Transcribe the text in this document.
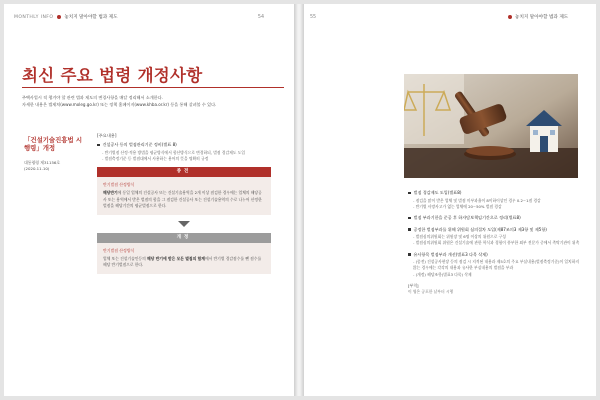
MONTHLY INFO 놓치지 말아야할 법과 제도	54
최신 주요 법령 개정사항
주택사업시 적 챙겨야 할 관련 법과 제도의 변경사항을 매달 정리해서 소개한다.
자세한 내용은 법제처(www.moleg.go.kr) 또는 정책 홈페이지(www.khba.or.kr) 등을 통해 살펴볼 수 있다.
「건설기술진흥법 시행령」개정
대통령령 제31156호
(2020.11.10)
[주요내용]
건설공사 등의 벌점관리기준 정비(별표 8)
- 반기별점 산정·적용 방법을 평균방식에서 합산방식으로 변경하되, 벌점 경감제도 도입
- 벌점측정기준 등 벌점대에서 사용하는 용어의 뜻을 명확히 규정
종전
반기벌점 산정방식
해당반기에 동일 업체의 건설공사 또는 건설기술용역을 2개 이상 점검한 경우에는 업체의 해당공사 또는 용역에서 받은 벌점의 합을 그 점검한 건설공사 또는 건설기술용역의 수로 나누어 산정한 벌점을 해당기간의 평균벌점으로 한다.
개정
반기벌점 산정방식
업체 또는 건설기술인등의 해당 반기에 받은 모든 벌점의 합계에서 반기별 경감점수를 뺀 점수를 해당 반기벌점으로 한다.
55	놓치지 말아야할 법과 제도
벌점 경감제도 도입(별표8)
- 점검을 많이 받은 업체 및 벌점 미부과율이 8이하이상인 경우 0.2~1점 경감
- 반기별 사망사고가 없는 업체에 20~50% 벌점 경감
벌점 부과기한을 준공 후 하자담보책임기간으로 정리(별표8)
공정한 벌점부과를 위해 위원회 심의절차 도입(제87조의3 제3항 및 제5항)
- 벌점심의위원회는 위원장 및 6명 이상의 위원으로 구성
- 벌점심의위원회 위원은 건설기술에 관한 학식과 경험이 풍부한 외부 전문가 중에서 촉탁기관이 위촉
유사항목 벌점부과 개선(별표3 다목 삭제)
- (종전) 건설공사현장 등의 점검 시 지적된 내용과 제5호의 주요 부실내용(벌점측정기준)이 일치하지 않는 경우에는 각각의 내용과 유사한 부실내용의 벌점을 부과
- (개정) 해당조항(별표3 다목) 삭제
[부칙]
이 영은 공포한 날부터 시행
